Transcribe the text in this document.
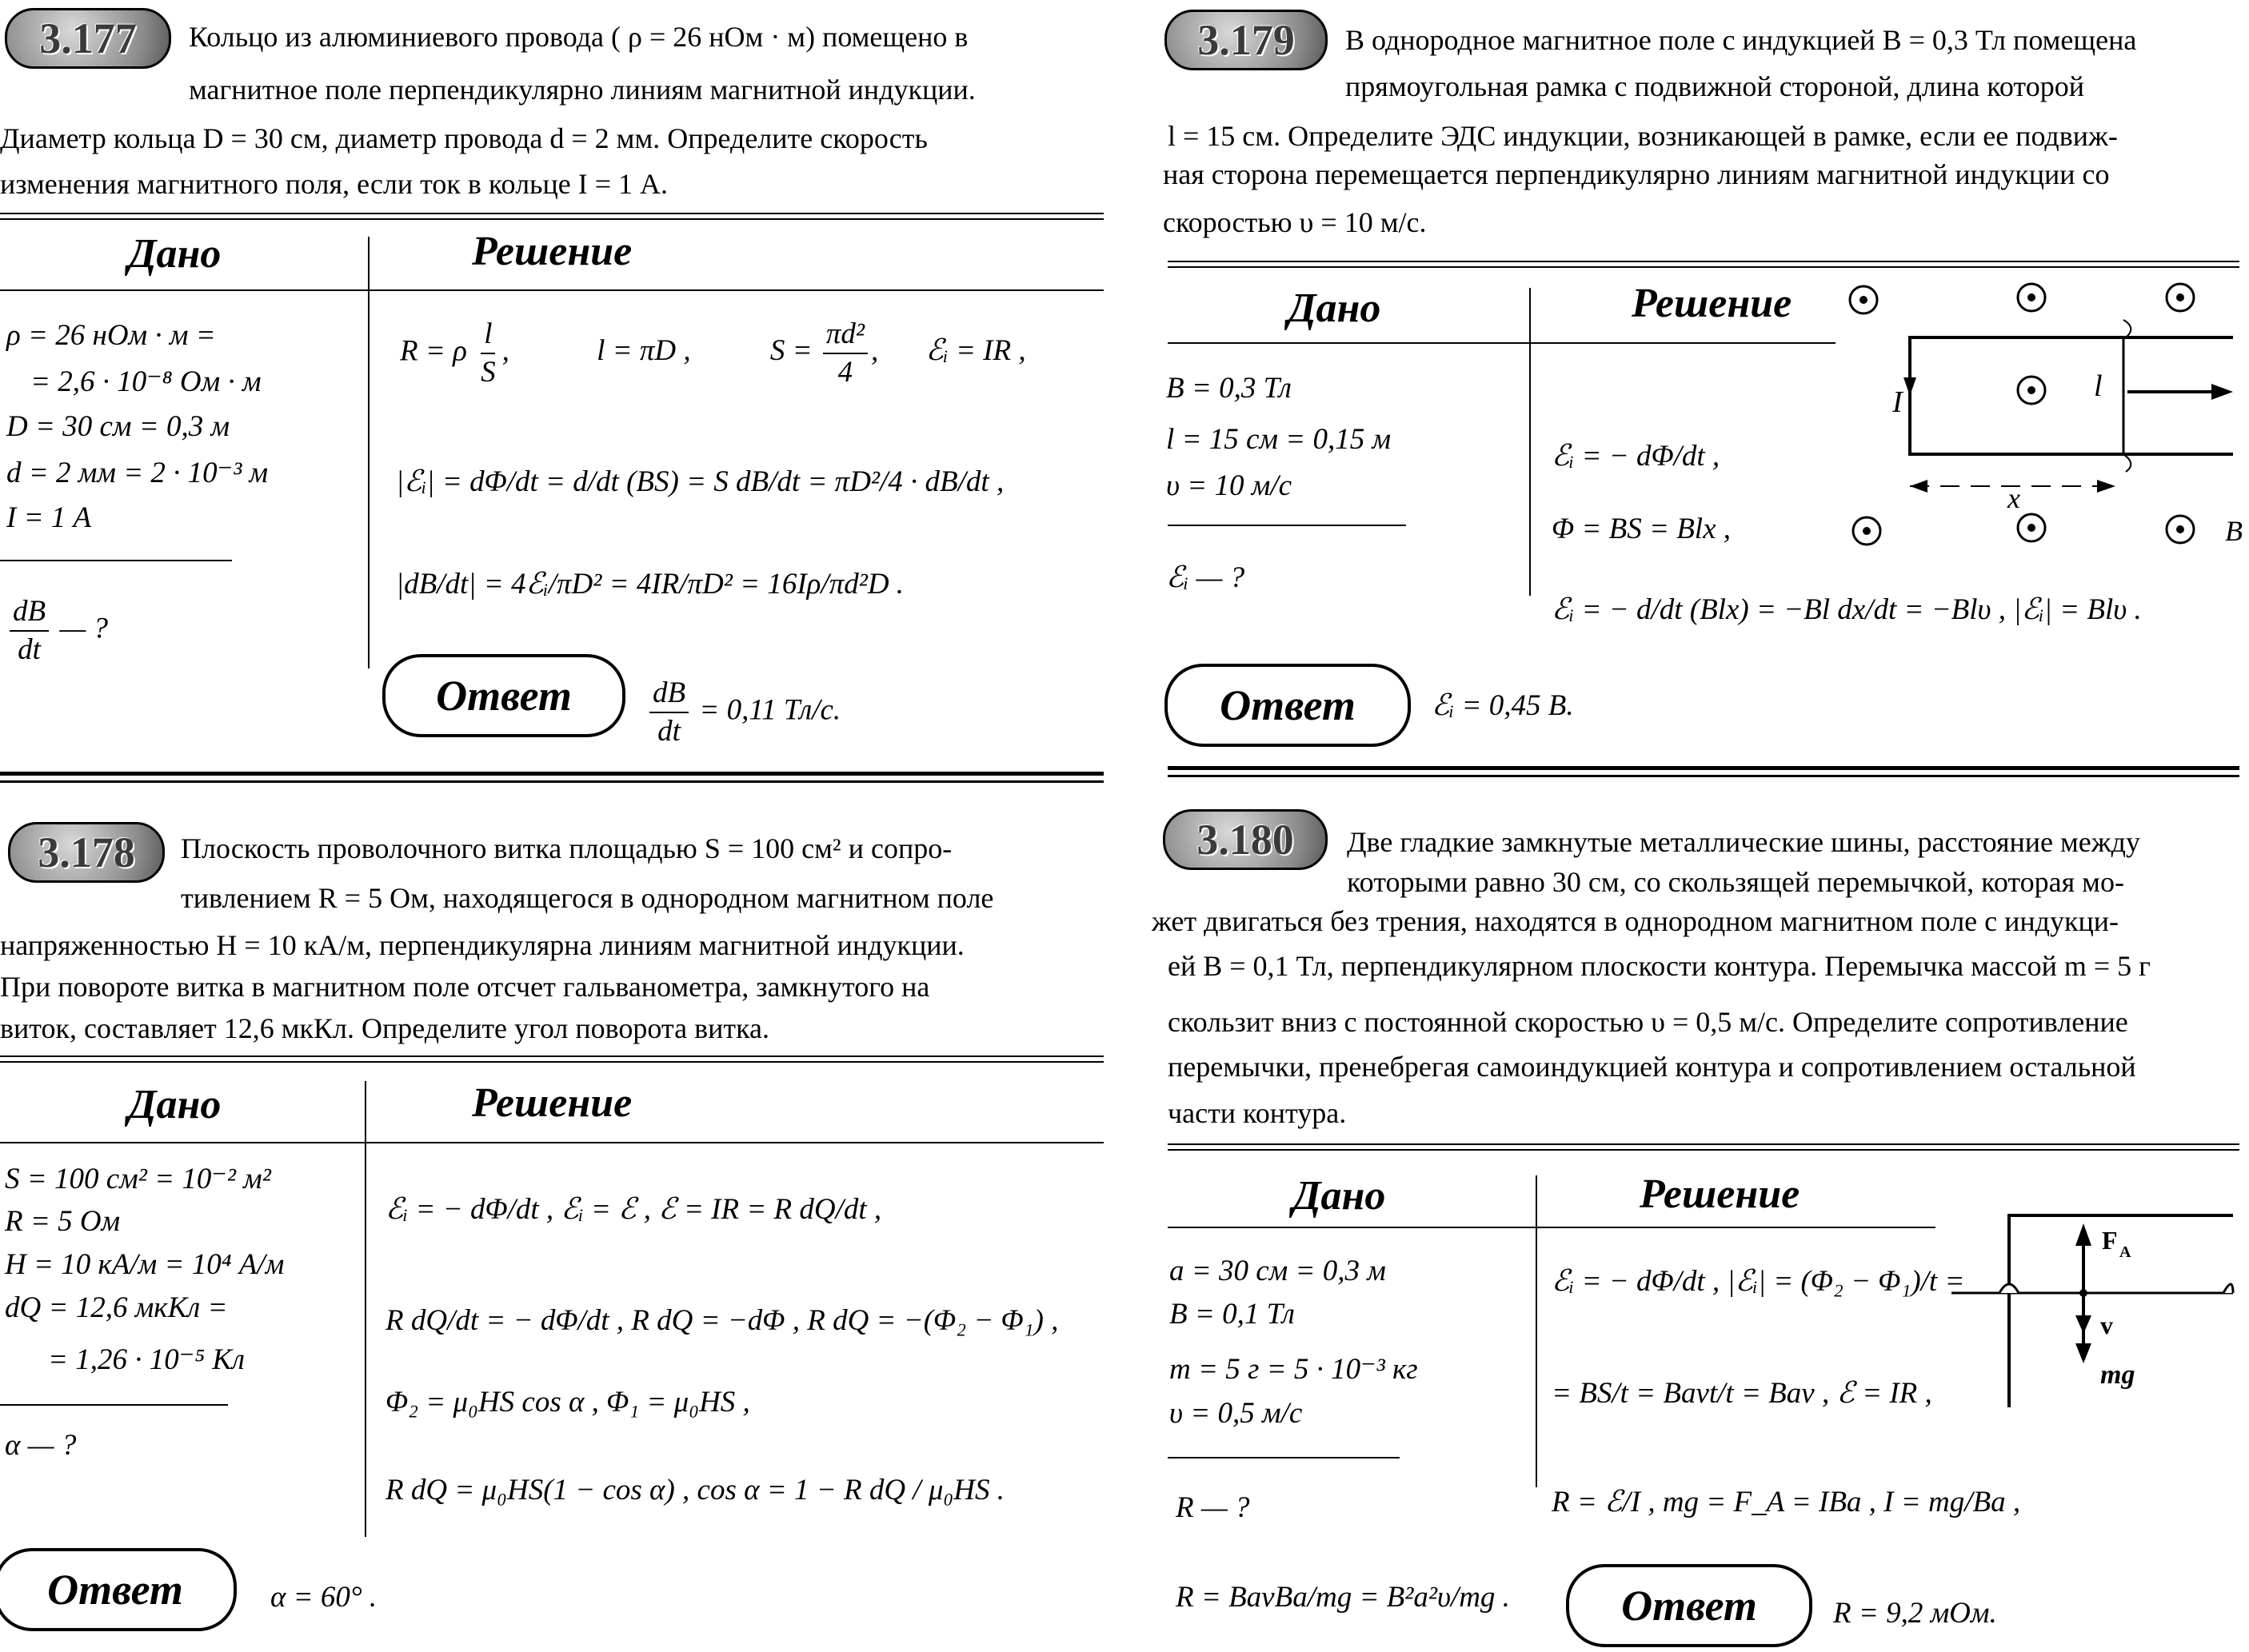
3.177	Кольцо из алюминиевого провода ( ρ = 26 нОм · м) помещено в
магнитное поле перпендикулярно линиям магнитной индукции.
Диаметр кольца D = 30 см, диаметр провода d = 2 мм. Определите скорость
изменения магнитного поля, если ток в кольце I = 1 А.
Дано	Решение
ρ = 26 нОм · м =
= 2,6 · 10⁻⁸ Ом · м
D = 30 см = 0,3 м
d = 2 мм = 2 · 10⁻³ м
I = 1 А
$\frac{dB}{dt}$ — ?
R = ρ $\frac{l}{S}$ ,	l = πD ,	$S = \frac{\text{πd²}}{4}$ , ℰᵢ = IR ,
|ℰᵢ| = dΦ/dt = d/dt (BS) = S dB/dt = πD²/4 · dB/dt ,
|dB/dt| = 4ℰᵢ/πD² = 4IR/πD² = 16Iρ/πd²D .
Ответ	$\frac{dB}{dt} = 0,11$ Тл/с.
3.178	Плоскость проволочного витка площадью S = 100 см² и сопро-
тивлением R = 5 Ом, находящегося в однородном магнитном поле
напряженностью H = 10 кА/м, перпендикулярна линиям магнитной индукции.
При повороте витка в магнитном поле отсчет гальванометра, замкнутого на
виток, составляет 12,6 мкКл. Определите угол поворота витка.
Дано	Решение
S = 100 см² = 10⁻² м²
R = 5 Ом
H = 10 кА/м = 10⁴ А/м
dQ = 12,6 мкКл =
= 1,26 · 10⁻⁵ Кл
α — ?
ℰᵢ = − dΦ/dt , ℰᵢ = ℰ , ℰ = IR = R dQ/dt ,
R dQ/dt = − dΦ/dt , R dQ = −dΦ , R dQ = −(Φ₂ − Φ₁) ,
Φ₂ = μ₀HS cos α , Φ₁ = μ₀HS ,
R dQ = μ₀HS(1 − cos α) , cos α = 1 − R dQ / μ₀HS .
Ответ	α = 60° .
3.179	В однородное магнитное поле с индукцией B = 0,3 Тл помещена
прямоугольная рамка с подвижной стороной, длина которой
l = 15 см. Определите ЭДС индукции, возникающей в рамке, если ее подвиж-
ная сторона перемещается перпендикулярно линиям магнитной индукции со
скоростью υ = 10 м/с.
Дано	Решение
B = 0,3 Тл
l = 15 см = 0,15 м
υ = 10 м/с
ℰᵢ — ?
ℰᵢ = − dΦ/dt ,
Φ = BS = Blx ,
ℰᵢ = − d/dt (Blx) = −Bl dx/dt = −Blυ , |ℰᵢ| = Blυ .
I	l
x
B
Ответ	ℰᵢ = 0,45 В.
3.180	Две гладкие замкнутые металлические шины, расстояние между
которыми равно 30 см, со скользящей перемычкой, которая мо-
жет двигаться без трения, находятся в однородном магнитном поле с индукци-
ей B = 0,1 Тл, перпендикулярном плоскости контура. Перемычка массой m = 5 г
скользит вниз с постоянной скоростью υ = 0,5 м/с. Определите сопротивление
перемычки, пренебрегая самоиндукцией контура и сопротивлением остальной
части контура.
Дано	Решение
a = 30 см = 0,3 м
B = 0,1 Тл
m = 5 г = 5 · 10⁻³ кг
υ = 0,5 м/с
R — ?
ℰᵢ = − dΦ/dt , |ℰᵢ| = (Φ₂ − Φ₁)/t =
= BS/t = Bavt/t = Bav , ℰ = IR ,
R = ℰ/I , mg = F_A = IBa , I = mg/Ba ,
R = BavBa/mg = B²a²υ/mg .
F A
v
mg
Ответ	R = 9,2 мОм.
